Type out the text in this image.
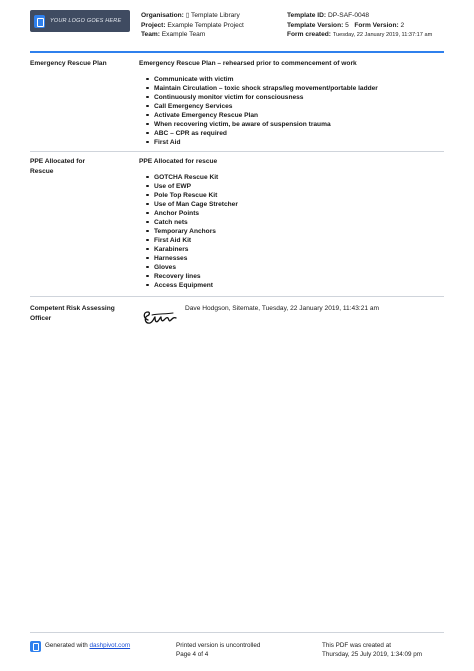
YOUR LOGO GOES HERE
Organisation: ▯ Template Library
Project: Example Template Project
Team: Example Team
Template ID: DP-SAF-0048
Template Version: 5 Form Version: 2
Form created: Tuesday, 22 January 2019, 11:37:17 am
Emergency Rescue Plan	Emergency Rescue Plan – rehearsed prior to commencement of work
Communicate with victim
Maintain Circulation – toxic shock straps/leg movement/portable ladder
Continuously monitor victim for consciousness
Call Emergency Services
Activate Emergency Rescue Plan
When recovering victim, be aware of suspension trauma
ABC – CPR as required
First Aid
PPE Allocated for Rescue
PPE Allocated for rescue
GOTCHA Rescue Kit
Use of EWP
Pole Top Rescue Kit
Use of Man Cage Stretcher
Anchor Points
Catch nets
Temporary Anchors
First Aid Kit
Karabiners
Harnesses
Gloves
Recovery lines
Access Equipment
Competent Risk Assessing Officer
Dave Hodgson, Sitemate, Tuesday, 22 January 2019, 11:43:21 am
Generated with dashpivot.com	Printed version is uncontrolled
Page 4 of 4
This PDF was created at
Thursday, 25 July 2019, 1:34:09 pm
